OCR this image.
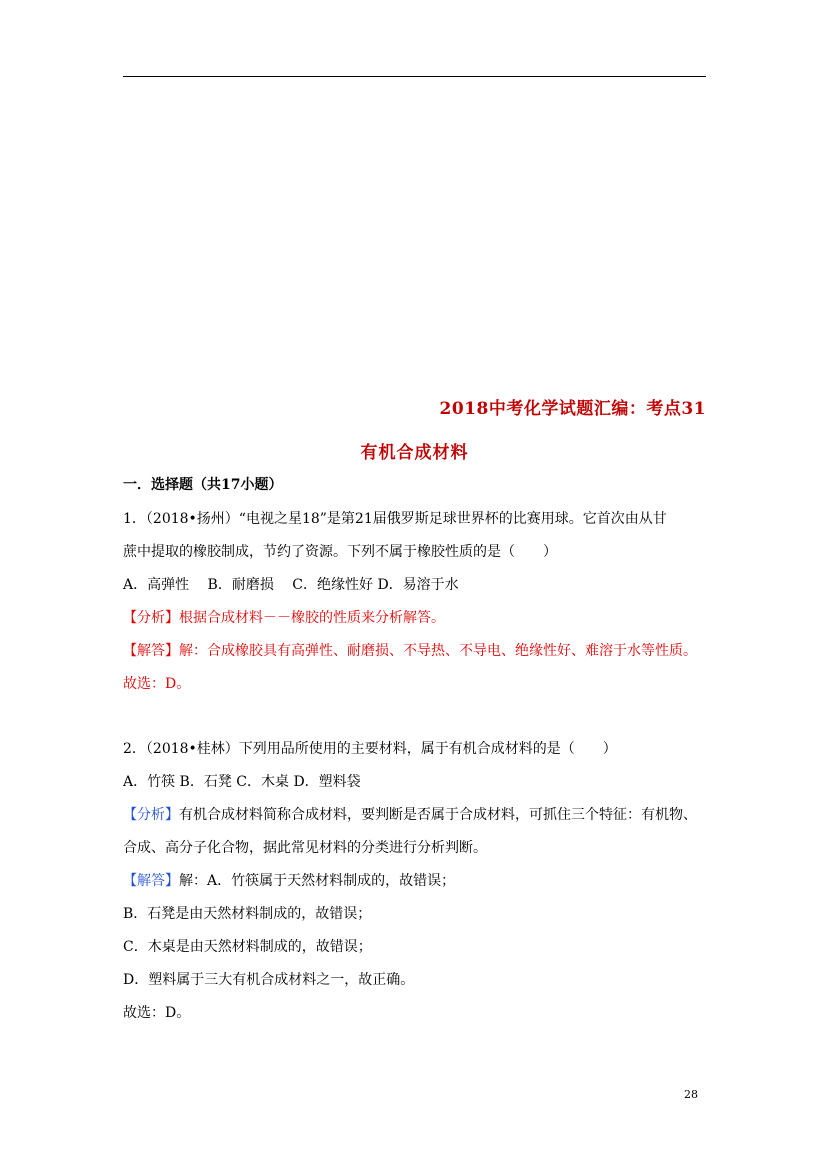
2018中考化学试题汇编：考点31
有机合成材料
一．选择题（共17小题）
1．（2018•扬州）“电视之星18”是第21届俄罗斯足球世界杯的比赛用球。它首次由从甘
蔗中提取的橡胶制成，节约了资源。下列不属于橡胶性质的是（　　）
A．高弹性　 B．耐磨损　 C．绝缘性好 D．易溶于水
【分析】根据合成材料－－橡胶的性质来分析解答。
【解答】解：合成橡胶具有高弹性、耐磨损、不导热、不导电、绝缘性好、难溶于水等性质。
故选：D。
2．（2018•桂林）下列用品所使用的主要材料，属于有机合成材料的是（　　）
A．竹筷 B．石凳 C．木桌 D．塑料袋
【分析】有机合成材料简称合成材料，要判断是否属于合成材料，可抓住三个特征：有机物、
合成、高分子化合物，据此常见材料的分类进行分析判断。
【解答】解：A．竹筷属于天然材料制成的，故错误；
B．石凳是由天然材料制成的，故错误；
C．木桌是由天然材料制成的，故错误；
D．塑料属于三大有机合成材料之一，故正确。
故选：D。
28
